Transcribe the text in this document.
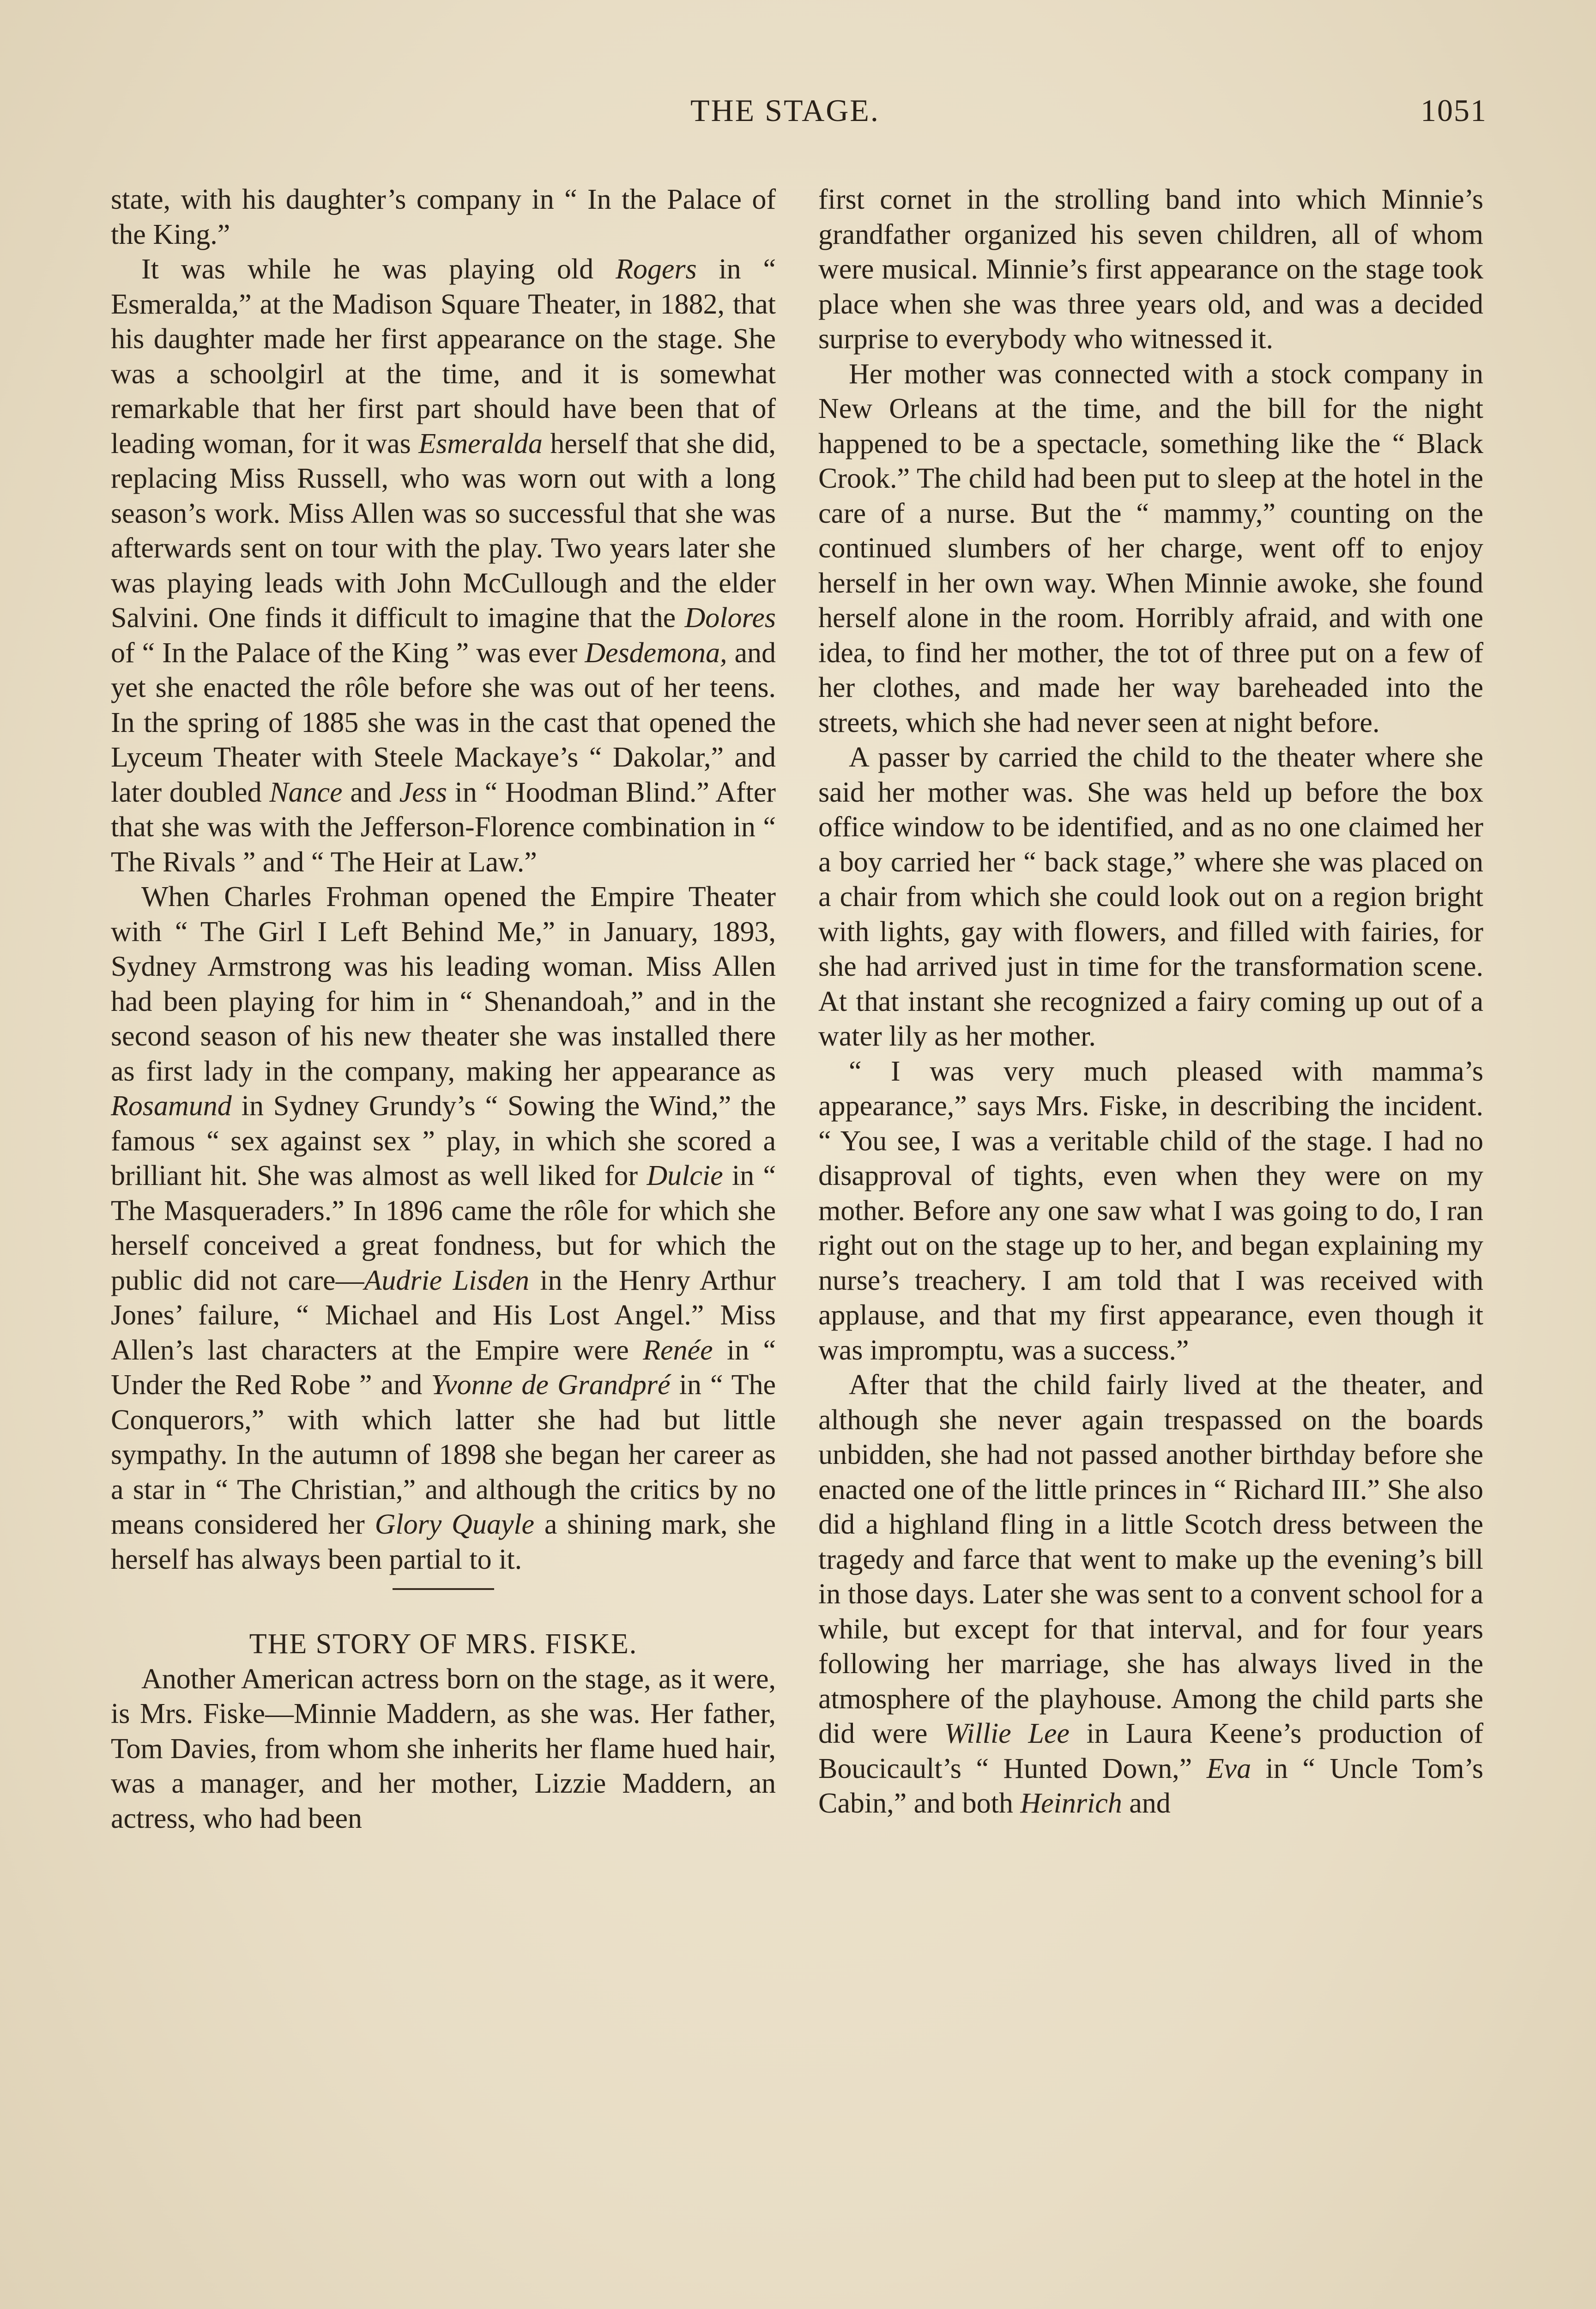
THE STAGE.	1051

state, with his daughter’s company in “ In the Palace of the King.”

It was while he was playing old Rogers in “ Esmeralda,” at the Madison Square Theater, in 1882, that his daughter made her first appearance on the stage. She was a schoolgirl at the time, and it is somewhat remarkable that her first part should have been that of leading woman, for it was Esmeralda herself that she did, replacing Miss Russell, who was worn out with a long season’s work. Miss Allen was so successful that she was afterwards sent on tour with the play. Two years later she was playing leads with John McCullough and the elder Salvini. One finds it difficult to imagine that the Dolores of “ In the Palace of the King ” was ever Desdemona, and yet she enacted the rôle before she was out of her teens. In the spring of 1885 she was in the cast that opened the Lyceum Theater with Steele Mackaye’s “ Dakolar,” and later doubled Nance and Jess in “ Hoodman Blind.” After that she was with the Jefferson-Florence combination in “ The Rivals ” and “ The Heir at Law.”

When Charles Frohman opened the Empire Theater with “ The Girl I Left Behind Me,” in January, 1893, Sydney Armstrong was his leading woman. Miss Allen had been playing for him in “ Shenandoah,” and in the second season of his new theater she was installed there as first lady in the company, making her appearance as Rosamund in Sydney Grundy’s “ Sowing the Wind,” the famous “ sex against sex ” play, in which she scored a brilliant hit. She was almost as well liked for Dulcie in “ The Masqueraders.” In 1896 came the rôle for which she herself conceived a great fondness, but for which the public did not care—Audrie Lisden in the Henry Arthur Jones’ failure, “ Michael and His Lost Angel.” Miss Allen’s last characters at the Empire were Renée in “ Under the Red Robe ” and Yvonne de Grandpré in “ The Conquerors,” with which latter she had but little sympathy. In the autumn of 1898 she began her career as a star in “ The Christian,” and although the critics by no means considered her Glory Quayle a shining mark, she herself has always been partial to it.

THE STORY OF MRS. FISKE.

Another American actress born on the stage, as it were, is Mrs. Fiske—Minnie Maddern, as she was. Her father, Tom Davies, from whom she inherits her flame hued hair, was a manager, and her mother, Lizzie Maddern, an actress, who had been

first cornet in the strolling band into which Minnie’s grandfather organized his seven children, all of whom were musical. Minnie’s first appearance on the stage took place when she was three years old, and was a decided surprise to everybody who witnessed it.

Her mother was connected with a stock company in New Orleans at the time, and the bill for the night happened to be a spectacle, something like the “ Black Crook.” The child had been put to sleep at the hotel in the care of a nurse. But the “ mammy,” counting on the continued slumbers of her charge, went off to enjoy herself in her own way. When Minnie awoke, she found herself alone in the room. Horribly afraid, and with one idea, to find her mother, the tot of three put on a few of her clothes, and made her way bareheaded into the streets, which she had never seen at night before.

A passer by carried the child to the theater where she said her mother was. She was held up before the box office window to be identified, and as no one claimed her a boy carried her “ back stage,” where she was placed on a chair from which she could look out on a region bright with lights, gay with flowers, and filled with fairies, for she had arrived just in time for the transformation scene. At that instant she recognized a fairy coming up out of a water lily as her mother.

“ I was very much pleased with mamma’s appearance,” says Mrs. Fiske, in describing the incident. “ You see, I was a veritable child of the stage. I had no disapproval of tights, even when they were on my mother. Before any one saw what I was going to do, I ran right out on the stage up to her, and began explaining my nurse’s treachery. I am told that I was received with applause, and that my first appearance, even though it was impromptu, was a success.”

After that the child fairly lived at the theater, and although she never again trespassed on the boards unbidden, she had not passed another birthday before she enacted one of the little princes in “ Richard III.” She also did a highland fling in a little Scotch dress between the tragedy and farce that went to make up the evening’s bill in those days. Later she was sent to a convent school for a while, but except for that interval, and for four years following her marriage, she has always lived in the atmosphere of the playhouse. Among the child parts she did were Willie Lee in Laura Keene’s production of Boucicault’s “ Hunted Down,” Eva in “ Uncle Tom’s Cabin,” and both Heinrich and
